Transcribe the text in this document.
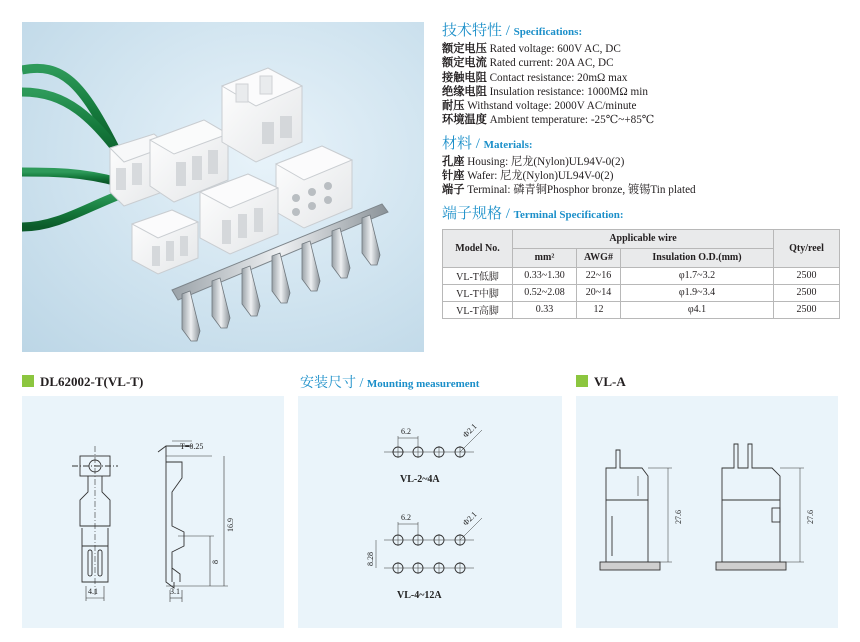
技术特性 / Specifications:
额定电压 Rated voltage: 600V AC, DC
额定电流 Rated current: 20A AC, DC
接触电阻 Contact resistance: 20mΩ max
绝缘电阻 Insulation resistance: 1000MΩ min
耐压 Withstand voltage: 2000V AC/minute
环境温度 Ambient temperature: -25℃~+85℃
材料 / Materials:
孔座 Housing: 尼龙(Nylon)UL94V-0(2)
针座 Wafer: 尼龙(Nylon)UL94V-0(2)
端子 Terminal: 磷青铜Phosphor bronze, 镀锡Tin plated
端子规格 / Terminal Specification:
Model No.	Applicable wire			Qty/reel
	mm²	AWG#	Insulation O.D.(mm)	
VL-T低脚	0.33~1.30	22~16	φ1.7~3.2	2500
VL-T中脚	0.52~2.08	20~14	φ1.9~3.4	2500
VL-T高脚	0.33	12	φ4.1	2500
DL62002-T(VL-T)	安装尺寸 / Mounting measurement	VL-A
T=0.25
16.9
8
4.1	3.1
6.2	Φ2.1
VL-2~4A
6.2	Φ2.1
8.28
VL-4~12A
27.6	27.6
